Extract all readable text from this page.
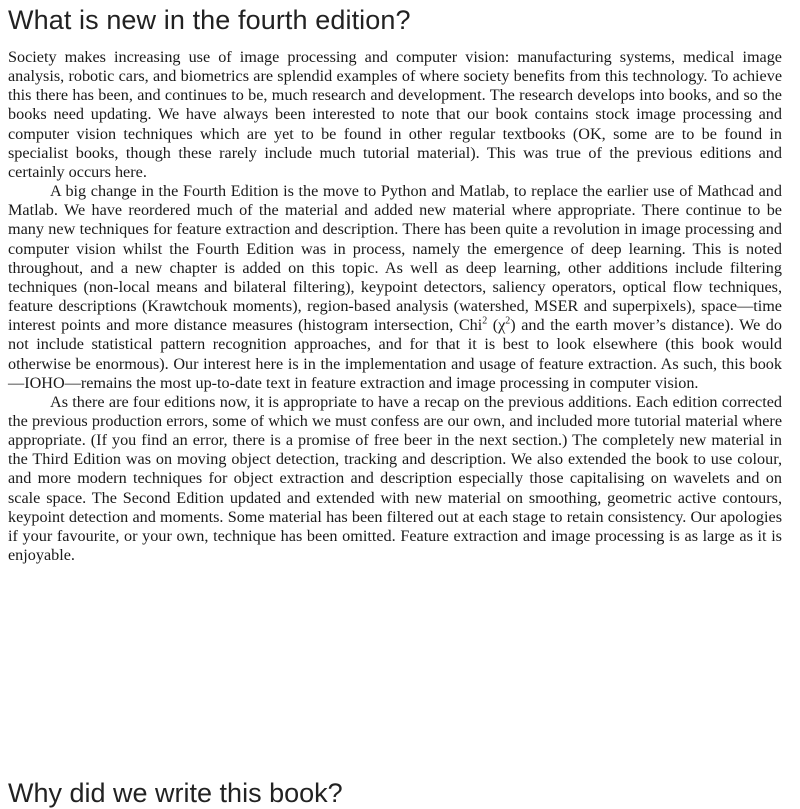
What is new in the fourth edition?

Society makes increasing use of image processing and computer vision: manufacturing systems, medical image analysis, robotic cars, and biometrics are splendid examples of where society benefits from this technology. To achieve this there has been, and continues to be, much research and development. The research develops into books, and so the books need updating. We have always been interested to note that our book contains stock image processing and computer vision techniques which are yet to be found in other regular textbooks (OK, some are to be found in specialist books, though these rarely include much tutorial material). This was true of the previous editions and certainly occurs here.

A big change in the Fourth Edition is the move to Python and Matlab, to replace the earlier use of Mathcad and Matlab. We have reordered much of the material and added new material where appropriate. There continue to be many new techniques for feature extraction and description. There has been quite a revolution in image processing and computer vision whilst the Fourth Edition was in process, namely the emergence of deep learning. This is noted throughout, and a new chapter is added on this topic. As well as deep learning, other additions include filtering techniques (non-local means and bilateral filtering), keypoint detectors, saliency operators, optical flow techniques, feature descriptions (Krawtchouk moments), region-based analysis (watershed, MSER and superpixels), space—time interest points and more distance measures (histogram intersection, Chi$^2$ $(\chi^2)$ and the earth mover’s distance). We do not include statistical pattern recognition approaches, and for that it is best to look elsewhere (this book would otherwise be enormous). Our interest here is in the implementation and usage of feature extraction. As such, this book—IOHO—remains the most up-to-date text in feature extraction and image processing in computer vision.

As there are four editions now, it is appropriate to have a recap on the previous additions. Each edition corrected the previous production errors, some of which we must confess are our own, and included more tutorial material where appropriate. (If you find an error, there is a promise of free beer in the next section.) The completely new material in the Third Edition was on moving object detection, tracking and description. We also extended the book to use colour, and more modern techniques for object extraction and description especially those capitalising on wavelets and on scale space. The Second Edition updated and extended with new material on smoothing, geometric active contours, keypoint detection and moments. Some material has been filtered out at each stage to retain consistency. Our apologies if your favourite, or your own, technique has been omitted. Feature extraction and image processing is as large as it is enjoyable.

Why did we write this book?
